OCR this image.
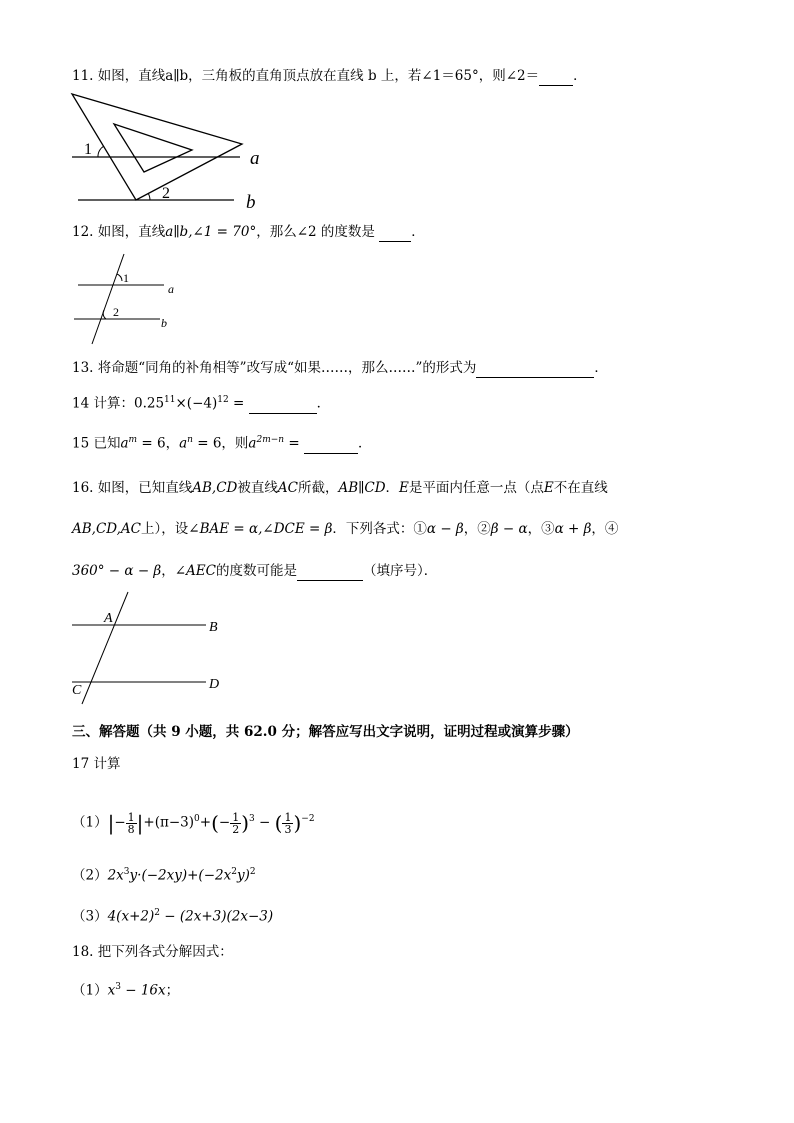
11. 如图，直线a∥b，三角板的直角顶点放在直线 b 上，若∠1＝65°，则∠2＝	．
1
2
a
b
12. 如图，直线a∥b,∠1 = 70°，那么∠2 的度数是	．
1
2
a
b
13. 将命题“同角的补角相等”改写成“如果……，那么……”的形式为	．
14 计算：$0.25^{11}\times(-4)^{12}$ =	．
15 已知$a^m = 6$，$a^n = 6$，则$a^{2m-n}$ =	．
16. 如图，已知直线AB,CD被直线AC所截，AB∥CD．E是平面内任意一点（点E不在直线
AB,CD,AC上），设∠BAE = α,∠DCE = β．下列各式：①α − β，②β − α，③α + β，④
360° − α − β，∠AEC的度数可能是	（填序号）．
A
B
C	D
三、解答题（共 9 小题，共 62.0 分；解答应写出文字说明，证明过程或演算步骤）
17 计算
$(1)|- \frac{1}{8} |+(\pi-3)^0+(- \frac{1}{2} )^3$ − ( $\frac{1}{3} )^{-2}$
$(2)2x^3y\cdot(-2xy)+(-2x^2y)^2$
$(3)4(x+2)^2 - (2x+3)(2x-3)$
18. 把下列各式分解因式：
$(1)x^3 - 16x$；
